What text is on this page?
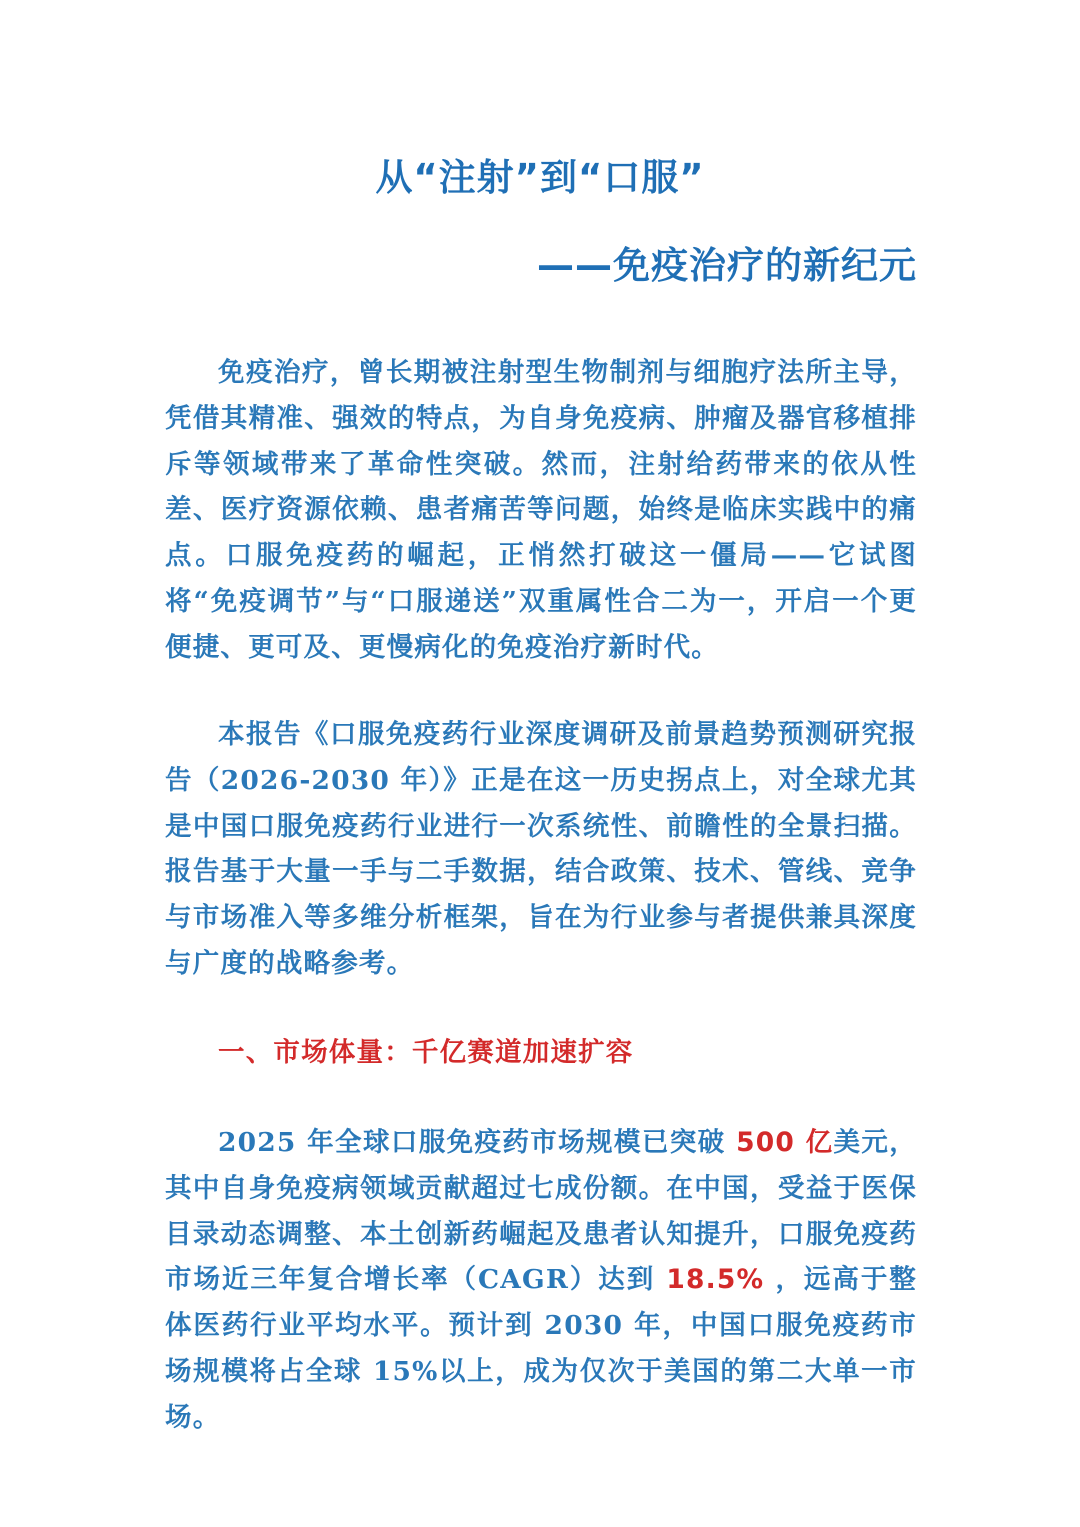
从“注射”到“口服”
——免疫治疗的新纪元

免疫治疗，曾长期被注射型生物制剂与细胞疗法所主导，凭借其精准、强效的特点，为自身免疫病、肿瘤及器官移植排斥等领域带来了革命性突破。然而，注射给药带来的依从性差、医疗资源依赖、患者痛苦等问题，始终是临床实践中的痛点。口服免疫药的崛起，正悄然打破这一僵局——它试图将“免疫调节”与“口服递送”双重属性合二为一，开启一个更便捷、更可及、更慢病化的免疫治疗新时代。

本报告《口服免疫药行业深度调研及前景趋势预测研究报告（2026-2030 年）》正是在这一历史拐点上，对全球尤其是中国口服免疫药行业进行一次系统性、前瞻性的全景扫描。报告基于大量一手与二手数据，结合政策、技术、管线、竞争与市场准入等多维分析框架，旨在为行业参与者提供兼具深度与广度的战略参考。

一、市场体量：千亿赛道加速扩容

2025 年全球口服免疫药市场规模已突破 500 亿美元，其中自身免疫病领域贡献超过七成份额。在中国，受益于医保目录动态调整、本土创新药崛起及患者认知提升，口服免疫药市场近三年复合增长率（CAGR）达到 18.5% ，远高于整体医药行业平均水平。预计到 2030 年，中国口服免疫药市场规模将占全球 15%以上，成为仅次于美国的第二大单一市场。
